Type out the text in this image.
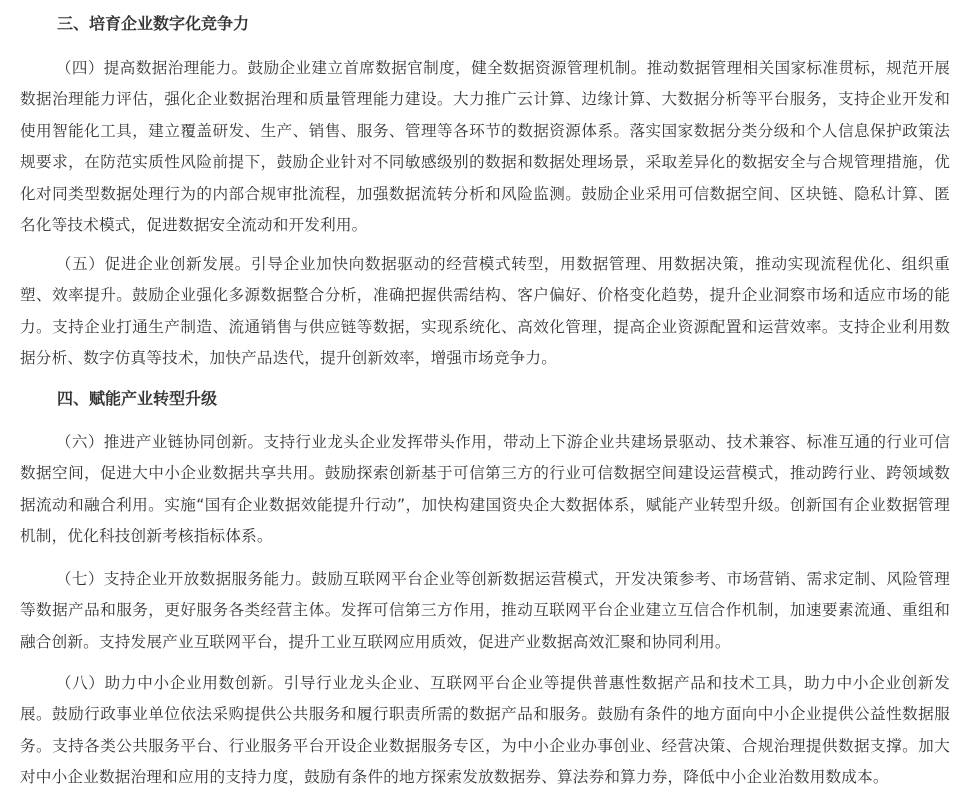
三、培育企业数字化竞争力

（四）提高数据治理能力。鼓励企业建立首席数据官制度，健全数据资源管理机制。推动数据管理相关国家标准贯标，规范开展数据治理能力评估，强化企业数据治理和质量管理能力建设。大力推广云计算、边缘计算、大数据分析等平台服务，支持企业开发和使用智能化工具，建立覆盖研发、生产、销售、服务、管理等各环节的数据资源体系。落实国家数据分类分级和个人信息保护政策法规要求，在防范实质性风险前提下，鼓励企业针对不同敏感级别的数据和数据处理场景，采取差异化的数据安全与合规管理措施，优化对同类型数据处理行为的内部合规审批流程，加强数据流转分析和风险监测。鼓励企业采用可信数据空间、区块链、隐私计算、匿名化等技术模式，促进数据安全流动和开发利用。

（五）促进企业创新发展。引导企业加快向数据驱动的经营模式转型，用数据管理、用数据决策，推动实现流程优化、组织重塑、效率提升。鼓励企业强化多源数据整合分析，准确把握供需结构、客户偏好、价格变化趋势，提升企业洞察市场和适应市场的能力。支持企业打通生产制造、流通销售与供应链等数据，实现系统化、高效化管理，提高企业资源配置和运营效率。支持企业利用数据分析、数字仿真等技术，加快产品迭代，提升创新效率，增强市场竞争力。

四、赋能产业转型升级

（六）推进产业链协同创新。支持行业龙头企业发挥带头作用，带动上下游企业共建场景驱动、技术兼容、标准互通的行业可信数据空间，促进大中小企业数据共享共用。鼓励探索创新基于可信第三方的行业可信数据空间建设运营模式，推动跨行业、跨领域数据流动和融合利用。实施“国有企业数据效能提升行动”，加快构建国资央企大数据体系，赋能产业转型升级。创新国有企业数据管理机制，优化科技创新考核指标体系。

（七）支持企业开放数据服务能力。鼓励互联网平台企业等创新数据运营模式，开发决策参考、市场营销、需求定制、风险管理等数据产品和服务，更好服务各类经营主体。发挥可信第三方作用，推动互联网平台企业建立互信合作机制，加速要素流通、重组和融合创新。支持发展产业互联网平台，提升工业互联网应用质效，促进产业数据高效汇聚和协同利用。

（八）助力中小企业用数创新。引导行业龙头企业、互联网平台企业等提供普惠性数据产品和技术工具，助力中小企业创新发展。鼓励行政事业单位依法采购提供公共服务和履行职责所需的数据产品和服务。鼓励有条件的地方面向中小企业提供公益性数据服务。支持各类公共服务平台、行业服务平台开设企业数据服务专区，为中小企业办事创业、经营决策、合规治理提供数据支撑。加大对中小企业数据治理和应用的支持力度，鼓励有条件的地方探索发放数据券、算法券和算力券，降低中小企业治数用数成本。
